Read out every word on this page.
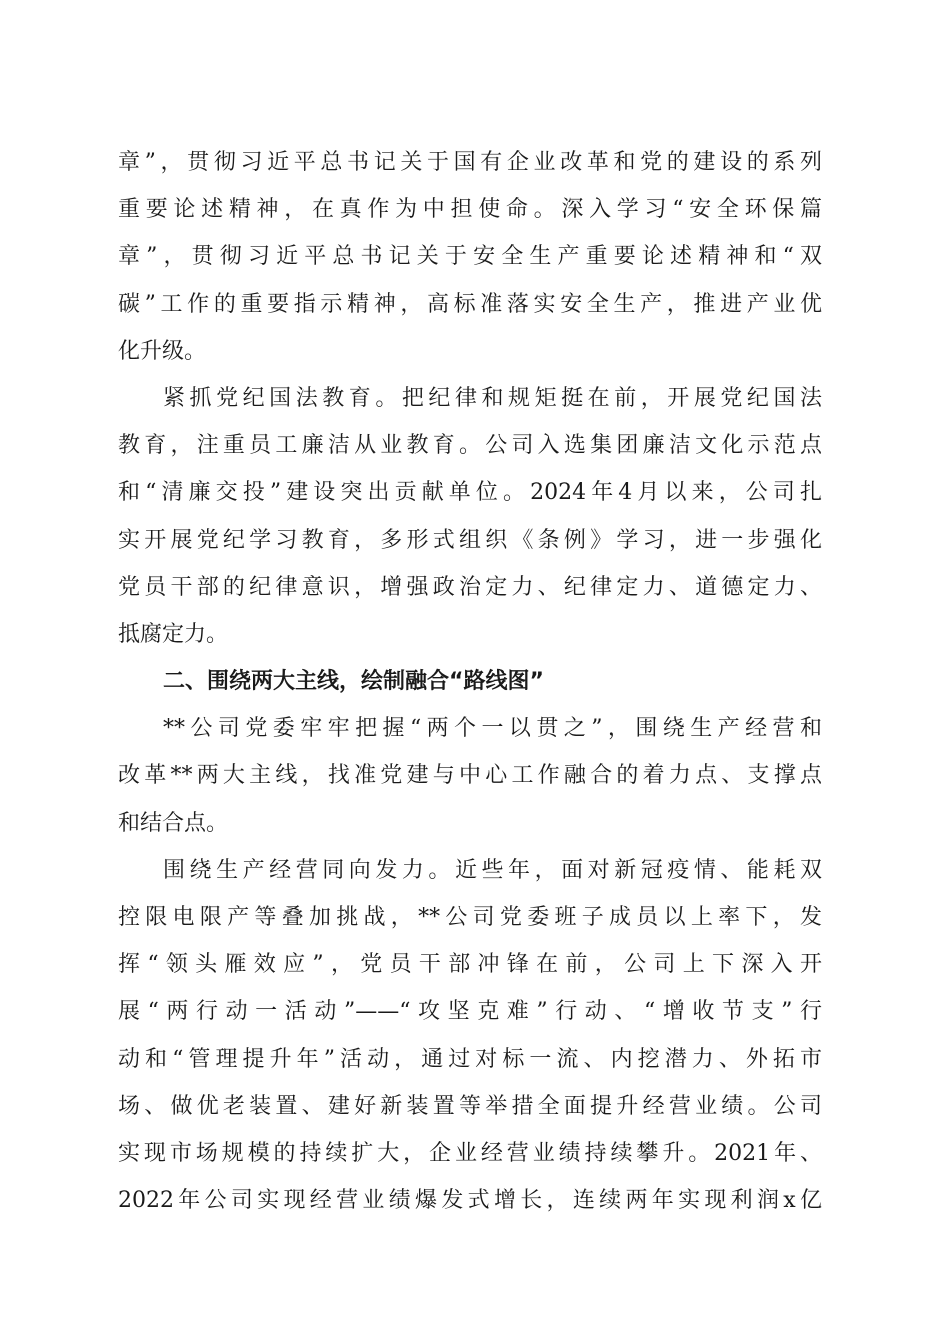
章”，贯彻习近平总书记关于国有企业改革和党的建设的系列
重要论述精神，在真作为中担使命。深入学习“安全环保篇
章”，贯彻习近平总书记关于安全生产重要论述精神和“双
碳”工作的重要指示精神，高标准落实安全生产，推进产业优
化升级。
紧抓党纪国法教育。把纪律和规矩挺在前，开展党纪国法
教育，注重员工廉洁从业教育。公司入选集团廉洁文化示范点
和“清廉交投”建设突出贡献单位。2024年4月以来，公司扎
实开展党纪学习教育，多形式组织《条例》学习，进一步强化
党员干部的纪律意识，增强政治定力、纪律定力、道德定力、
抵腐定力。
二、围绕两大主线，绘制融合“路线图”
**公司党委牢牢把握“两个一以贯之”，围绕生产经营和
改革**两大主线，找准党建与中心工作融合的着力点、支撑点
和结合点。
围绕生产经营同向发力。近些年，面对新冠疫情、能耗双
控限电限产等叠加挑战，**公司党委班子成员以上率下，发
挥“领头雁效应”，党员干部冲锋在前，公司上下深入开
展“两行动一活动”——“攻坚克难”行动、“增收节支”行
动和“管理提升年”活动，通过对标一流、内挖潜力、外拓市
场、做优老装置、建好新装置等举措全面提升经营业绩。公司
实现市场规模的持续扩大，企业经营业绩持续攀升。2021年、
2022年公司实现经营业绩爆发式增长，连续两年实现利润x亿
